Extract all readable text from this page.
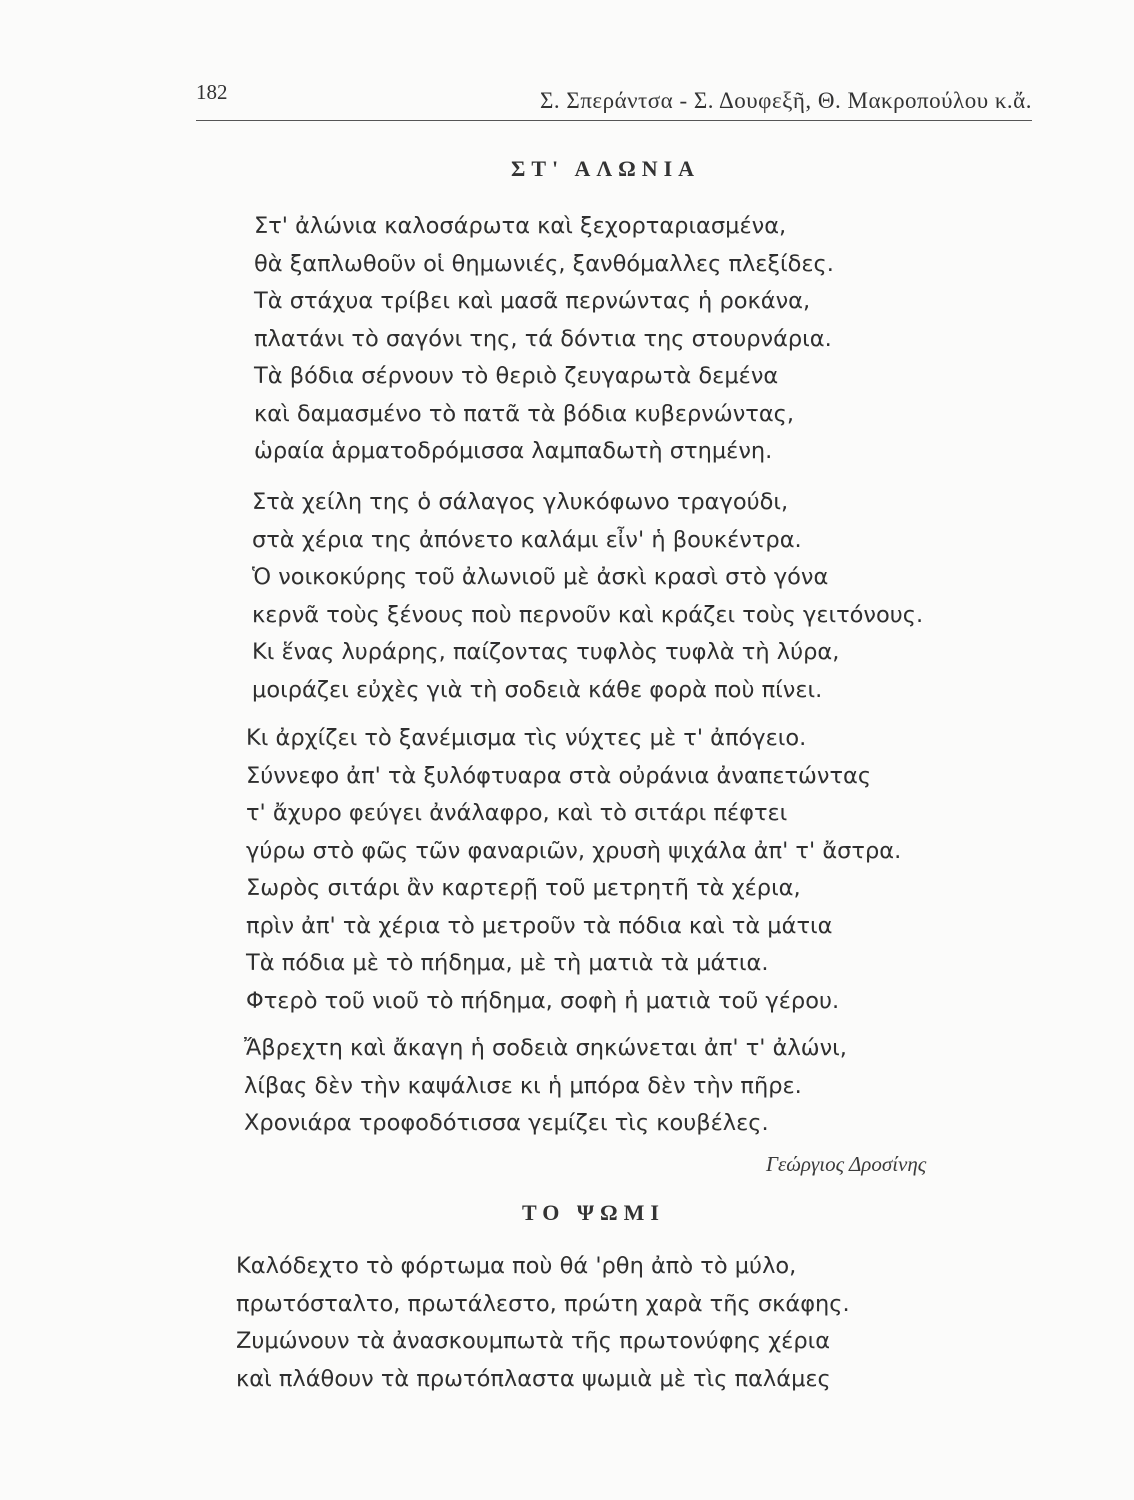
182	Σ. Σπεράντσα - Σ. Δουφεξῆ, Θ. Μακροπούλου κ.ἄ.
ΣΤ' ΑΛΩΝΙΑ
Στ' ἀλώνια καλοσάρωτα καὶ ξεχορταριασμένα,
θὰ ξαπλωθοῦν οἱ θημωνιές, ξανθόμαλλες πλεξίδες.
Τὰ στάχυα τρίβει καὶ μασᾶ περνώντας ἡ ροκάνα,
πλατάνι τὸ σαγόνι της, τά δόντια της στουρνάρια.
Τὰ βόδια σέρνουν τὸ θεριὸ ζευγαρωτὰ δεμένα
καὶ δαμασμένο τὸ πατᾶ τὰ βόδια κυβερνώντας,
ὡραία ἁρματοδρόμισσα λαμπαδωτὴ στημένη.
Στὰ χείλη της ὁ σάλαγος γλυκόφωνο τραγούδι,
στὰ χέρια της ἀπόνετο καλάμι εἶν' ἡ βουκέντρα.
Ὁ νοικοκύρης τοῦ ἀλωνιοῦ μὲ ἀσκὶ κρασὶ στὸ γόνα
κερνᾶ τοὺς ξένους ποὺ περνοῦν καὶ κράζει τοὺς γειτόνους.
Κι ἕνας λυράρης, παίζοντας τυφλὸς τυφλὰ τὴ λύρα,
μοιράζει εὐχὲς γιὰ τὴ σοδειὰ κάθε φορὰ ποὺ πίνει.
Κι ἀρχίζει τὸ ξανέμισμα τὶς νύχτες μὲ τ' ἀπόγειο.
Σύννεφο ἀπ' τὰ ξυλόφτυαρα στὰ οὐράνια ἀναπετώντας
τ' ἄχυρο φεύγει ἀνάλαφρο, καὶ τὸ σιτάρι πέφτει
γύρω στὸ φῶς τῶν φαναριῶν, χρυσὴ ψιχάλα ἀπ' τ' ἄστρα.
Σωρὸς σιτάρι ἂν καρτερῇ τοῦ μετρητῆ τὰ χέρια,
πρὶν ἀπ' τὰ χέρια τὸ μετροῦν τὰ πόδια καὶ τὰ μάτια
Τὰ πόδια μὲ τὸ πήδημα, μὲ τὴ ματιὰ τὰ μάτια.
Φτερὸ τοῦ νιοῦ τὸ πήδημα, σοφὴ ἡ ματιὰ τοῦ γέρου.
Ἄβρεχτη καὶ ἄκαγη ἡ σοδειὰ σηκώνεται ἀπ' τ' ἀλώνι,
λίβας δὲν τὴν καψάλισε κι ἡ μπόρα δὲν τὴν πῆρε.
Χρονιάρα τροφοδότισσα γεμίζει τὶς κουβέλες.
Γεώργιος Δροσίνης
ΤΟ ΨΩΜΙ
Καλόδεχτο τὸ φόρτωμα ποὺ θά 'ρθη ἀπὸ τὸ μύλο,
πρωτόσταλτο, πρωτάλεστο, πρώτη χαρὰ τῆς σκάφης.
Ζυμώνουν τὰ ἀνασκουμπωτὰ τῆς πρωτονύφης χέρια
καὶ πλάθουν τὰ πρωτόπλαστα ψωμιὰ μὲ τὶς παλάμες
